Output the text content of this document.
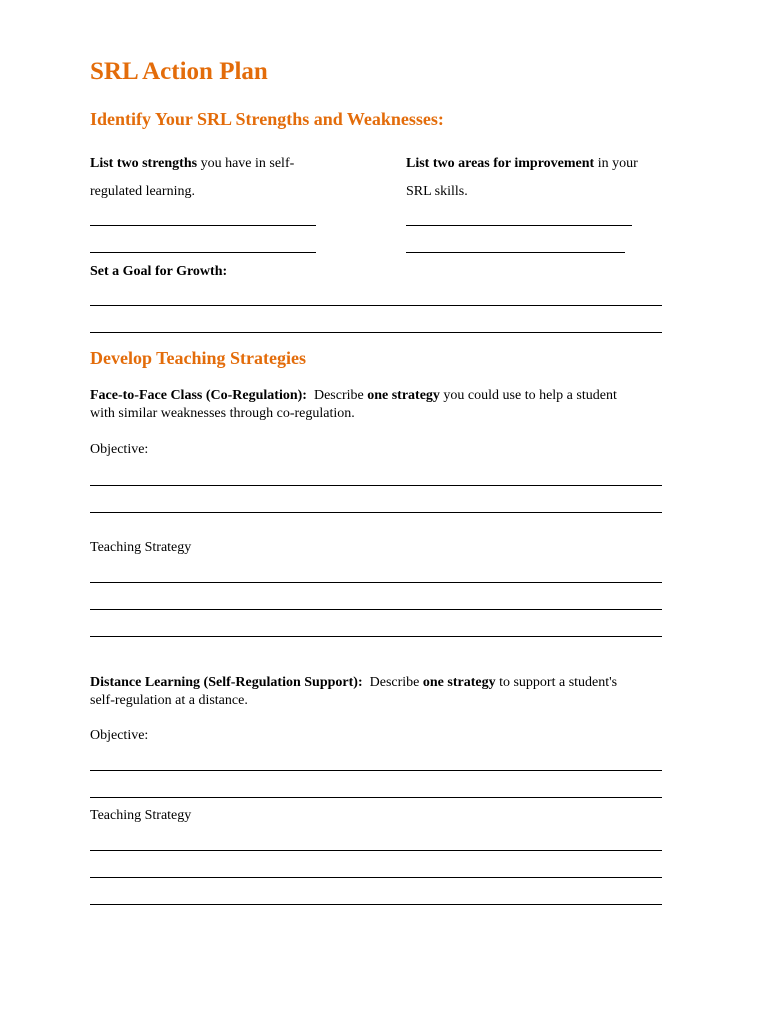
SRL Action Plan
Identify Your SRL Strengths and Weaknesses:
List two strengths you have in self-
regulated learning.
List two areas for improvement in your
SRL skills.
Set a Goal for Growth:
Develop Teaching Strategies
Face-to-Face Class (Co-Regulation):  Describe one strategy you could use to help a student
with similar weaknesses through co-regulation.
Objective:
Teaching Strategy
Distance Learning (Self-Regulation Support):  Describe one strategy to support a student's
self-regulation at a distance.
Objective:
Teaching Strategy
